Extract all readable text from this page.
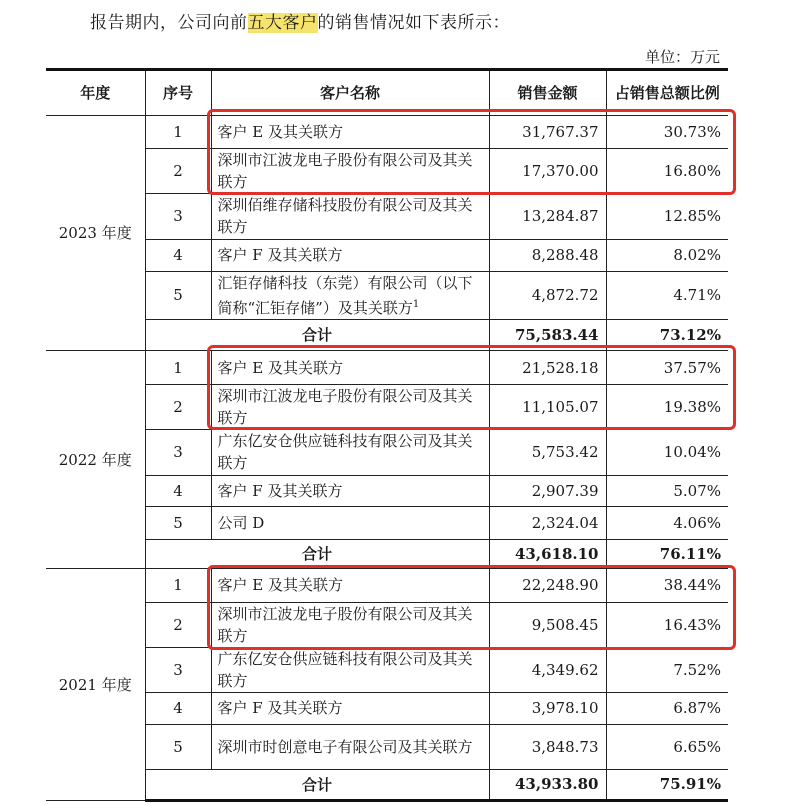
报告期内，公司向前五大客户的销售情况如下表所示：
单位：万元
年度	序号	客户名称	销售金额	占销售总额比例
2023 年度	1	客户 E 及其关联方	31,767.37	30.73%
	2	深圳市江波龙电子股份有限公司及其关联方	17,370.00	16.80%
	3	深圳佰维存储科技股份有限公司及其关联方	13,284.87	12.85%
	4	客户 F 及其关联方	8,288.48	8.02%
	5	汇钜存储科技（东莞）有限公司（以下简称“汇钜存储”）及其关联方$^1$	4,872.72	4.71%
	合计		75,583.44	73.12%
2022 年度	1	客户 E 及其关联方	21,528.18	37.57%
	2	深圳市江波龙电子股份有限公司及其关联方	11,105.07	19.38%
	3	广东亿安仓供应链科技有限公司及其关联方	5,753.42	10.04%
	4	客户 F 及其关联方	2,907.39	5.07%
	5	公司 D	2,324.04	4.06%
	合计		43,618.10	76.11%
2021 年度	1	客户 E 及其关联方	22,248.90	38.44%
	2	深圳市江波龙电子股份有限公司及其关联方	9,508.45	16.43%
	3	广东亿安仓供应链科技有限公司及其关联方	4,349.62	7.52%
	4	客户 F 及其关联方	3,978.10	6.87%
	5	深圳市时创意电子有限公司及其关联方	3,848.73	6.65%
	合计		43,933.80	75.91%
